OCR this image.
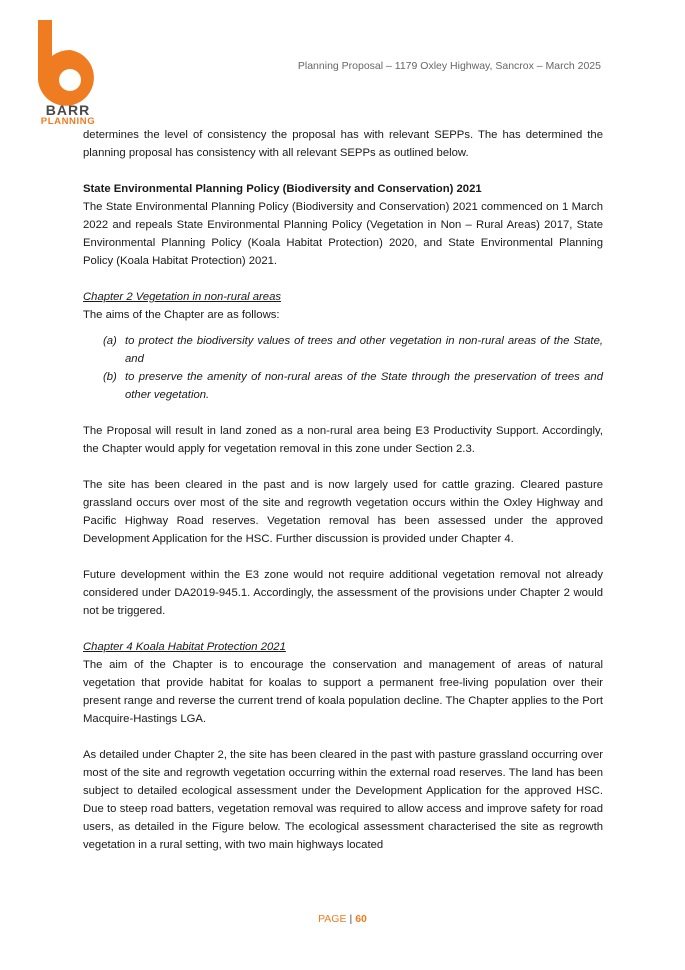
BARR
PLANNING
Planning Proposal – 1179 Oxley Highway, Sancrox – March 2025

determines the level of consistency the proposal has with relevant SEPPs. The has determined the planning proposal has consistency with all relevant SEPPs as outlined below.

State Environmental Planning Policy (Biodiversity and Conservation) 2021

The State Environmental Planning Policy (Biodiversity and Conservation) 2021 commenced on 1 March 2022 and repeals State Environmental Planning Policy (Vegetation in Non – Rural Areas) 2017, State Environmental Planning Policy (Koala Habitat Protection) 2020, and State Environmental Planning Policy (Koala Habitat Protection) 2021.

Chapter 2 Vegetation in non-rural areas

The aims of the Chapter are as follows:

(a) to protect the biodiversity values of trees and other vegetation in non-rural areas of the State, and
(b) to preserve the amenity of non-rural areas of the State through the preservation of trees and other vegetation.

The Proposal will result in land zoned as a non-rural area being E3 Productivity Support. Accordingly, the Chapter would apply for vegetation removal in this zone under Section 2.3.

The site has been cleared in the past and is now largely used for cattle grazing. Cleared pasture grassland occurs over most of the site and regrowth vegetation occurs within the Oxley Highway and Pacific Highway Road reserves. Vegetation removal has been assessed under the approved Development Application for the HSC. Further discussion is provided under Chapter 4.

Future development within the E3 zone would not require additional vegetation removal not already considered under DA2019-945.1. Accordingly, the assessment of the provisions under Chapter 2 would not be triggered.

Chapter 4 Koala Habitat Protection 2021

The aim of the Chapter is to encourage the conservation and management of areas of natural vegetation that provide habitat for koalas to support a permanent free-living population over their present range and reverse the current trend of koala population decline. The Chapter applies to the Port Macquire-Hastings LGA.

As detailed under Chapter 2, the site has been cleared in the past with pasture grassland occurring over most of the site and regrowth vegetation occurring within the external road reserves. The land has been subject to detailed ecological assessment under the Development Application for the approved HSC. Due to steep road batters, vegetation removal was required to allow access and improve safety for road users, as detailed in the Figure below. The ecological assessment characterised the site as regrowth vegetation in a rural setting, with two main highways located

PAGE | 60
